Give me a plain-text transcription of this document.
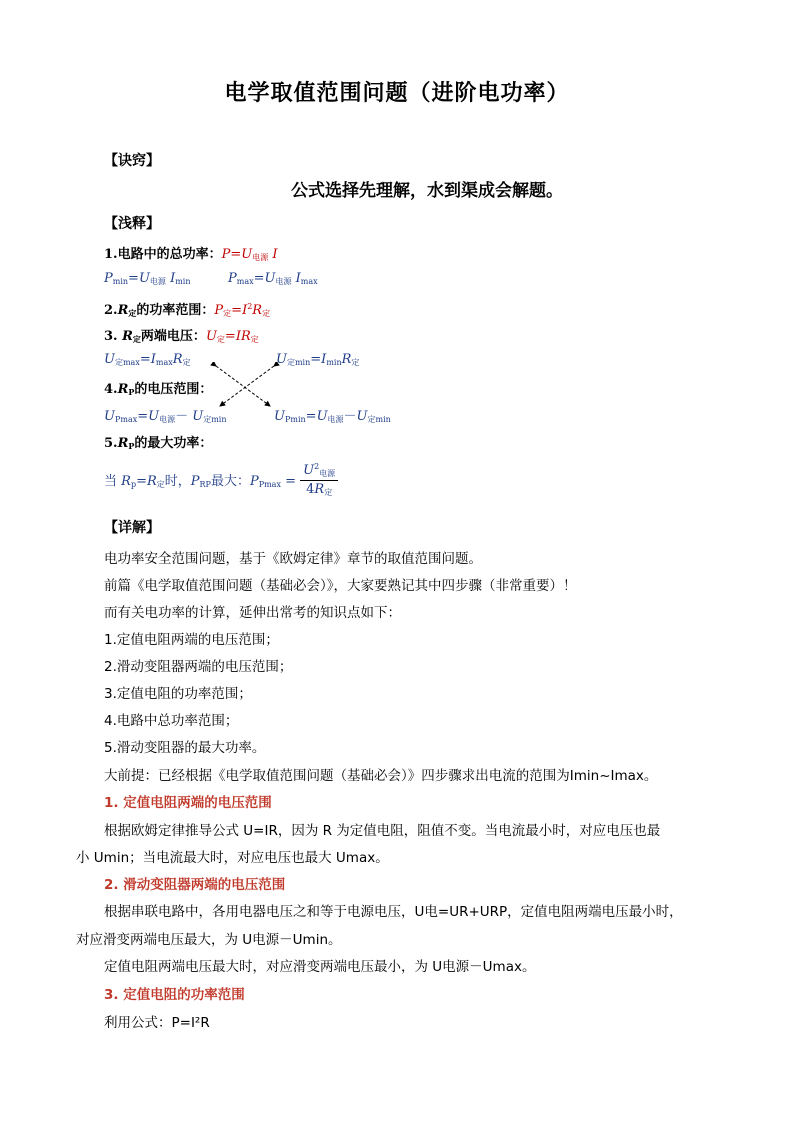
电学取值范围问题（进阶电功率）
【诀窍】
公式选择先理解，水到渠成会解题。
【浅释】
1.电路中的总功率：$P=U_{电源}$ I
$P_{min}=U_{电源}$ $I_{min}$	$P_{max}=U_{电源}$ $I_{max}$
$2.R_定$的功率范围：$P_定=I^2R_定$
3. $R_定$两端电压：$U_定=IR_定$
$U_{定max}=I_{max}R_定$	$U_{定min}=I_{min}R_定$
$4.R_P$的电压范围：
$U_{Pmax}=U_{电源}- U_{定min}$	$U_{Pmin}=U_{电源}-U_{定min}$
$5.R_P$的最大功率：
当 $R_p=R_定$时，$P_{RP}$最大：$P_{Pmax} = \frac{U^2_{电源}}{4R_定}$
【详解】
电功率安全范围问题，基于《欧姆定律》章节的取值范围问题。
前篇《电学取值范围问题（基础必会）》，大家要熟记其中四步骤（非常重要）！
而有关电功率的计算，延伸出常考的知识点如下：
1.定值电阻两端的电压范围；
2.滑动变阻器两端的电压范围；
3.定值电阻的功率范围；
4.电路中总功率范围；
5.滑动变阻器的最大功率。
大前提：已经根据《电学取值范围问题（基础必会）》四步骤求出电流的范围为Imin~Imax。
1. 定值电阻两端的电压范围
根据欧姆定律推导公式 U=IR，因为 R 为定值电阻，阻值不变。当电流最小时，对应电压也最
小 Umin；当电流最大时，对应电压也最大 Umax。
2. 滑动变阻器两端的电压范围
根据串联电路中，各用电器电压之和等于电源电压，U电=UR+URP，定值电阻两端电压最小时，
对应滑变两端电压最大，为 U电源－Umin。
定值电阻两端电压最大时，对应滑变两端电压最小，为 U电源－Umax。
3. 定值电阻的功率范围
利用公式：P=I²R
